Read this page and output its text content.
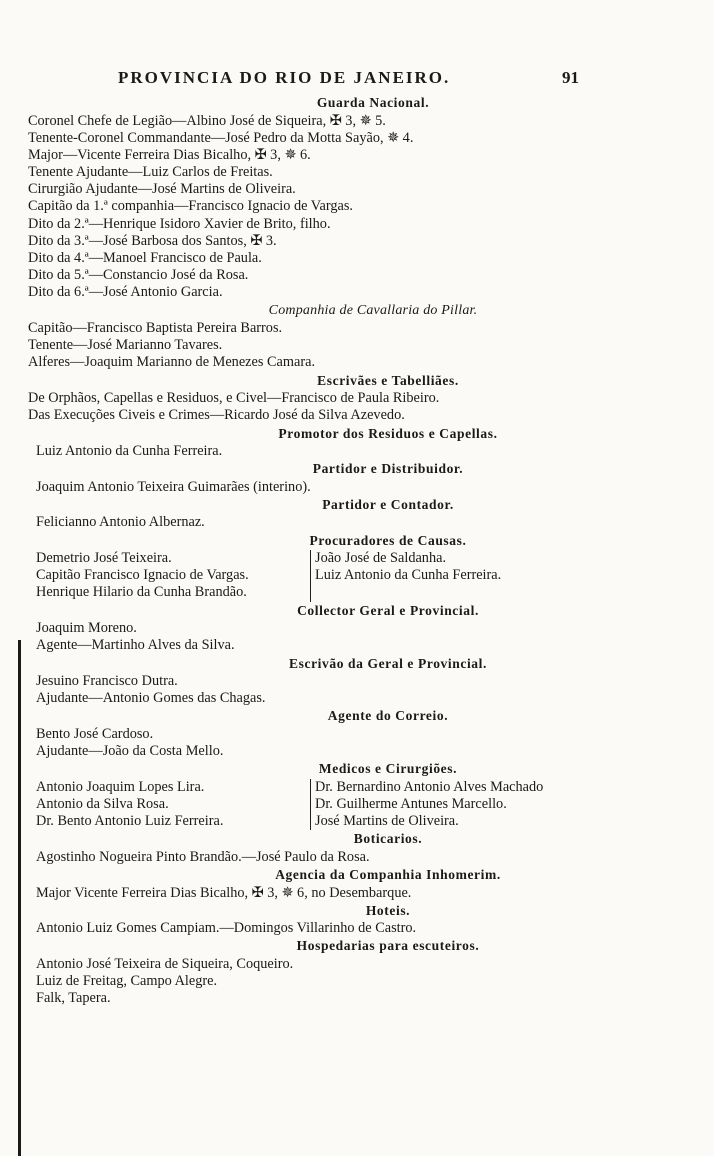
PROVINCIA DO RIO DE JANEIRO.	91
Guarda Nacional.
Coronel Chefe de Legião—Albino José de Siqueira, ✠ 3, ✵ 5.
Tenente-Coronel Commandante—José Pedro da Motta Sayão, ✵ 4.
Major—Vicente Ferreira Dias Bicalho, ✠ 3, ✵ 6.
Tenente Ajudante—Luiz Carlos de Freitas.
Cirurgião Ajudante—José Martins de Oliveira.
Capitão da 1.ª companhia—Francisco Ignacio de Vargas.
Dito da 2.ª—Henrique Isidoro Xavier de Brito, filho.
Dito da 3.ª—José Barbosa dos Santos, ✠ 3.
Dito da 4.ª—Manoel Francisco de Paula.
Dito da 5.ª—Constancio José da Rosa.
Dito da 6.ª—José Antonio Garcia.
Companhia de Cavallaria do Pillar.
Capitão—Francisco Baptista Pereira Barros.
Tenente—José Marianno Tavares.
Alferes—Joaquim Marianno de Menezes Camara.
Escrivães e Tabelliães.
De Orphãos, Capellas e Residuos, e Civel—Francisco de Paula Ribeiro.
Das Execuções Civeis e Crimes—Ricardo José da Silva Azevedo.
Promotor dos Residuos e Capellas.
Luiz Antonio da Cunha Ferreira.
Partidor e Distribuidor.
Joaquim Antonio Teixeira Guimarães (interino).
Partidor e Contador.
Felicianno Antonio Albernaz.
Procuradores de Causas.
Demetrio José Teixeira.
Capitão Francisco Ignacio de Vargas.
Henrique Hilario da Cunha Brandão.
João José de Saldanha.
Luiz Antonio da Cunha Ferreira.
Collector Geral e Provincial.
Joaquim Moreno.
Agente—Martinho Alves da Silva.
Escrivão da Geral e Provincial.
Jesuino Francisco Dutra.
Ajudante—Antonio Gomes das Chagas.
Agente do Correio.
Bento José Cardoso.
Ajudante—João da Costa Mello.
Medicos e Cirurgiões.
Antonio Joaquim Lopes Lira.
Antonio da Silva Rosa.
Dr. Bento Antonio Luiz Ferreira.
Dr. Bernardino Antonio Alves Machado
Dr. Guilherme Antunes Marcello.
José Martins de Oliveira.
Boticarios.
Agostinho Nogueira Pinto Brandão.—José Paulo da Rosa.
Agencia da Companhia Inhomerim.
Major Vicente Ferreira Dias Bicalho, ✠ 3, ✵ 6, no Desembarque.
Hoteis.
Antonio Luiz Gomes Campiam.—Domingos Villarinho de Castro.
Hospedarias para escuteiros.
Antonio José Teixeira de Siqueira, Coqueiro.
Luiz de Freitag, Campo Alegre.
Falk, Tapera.
